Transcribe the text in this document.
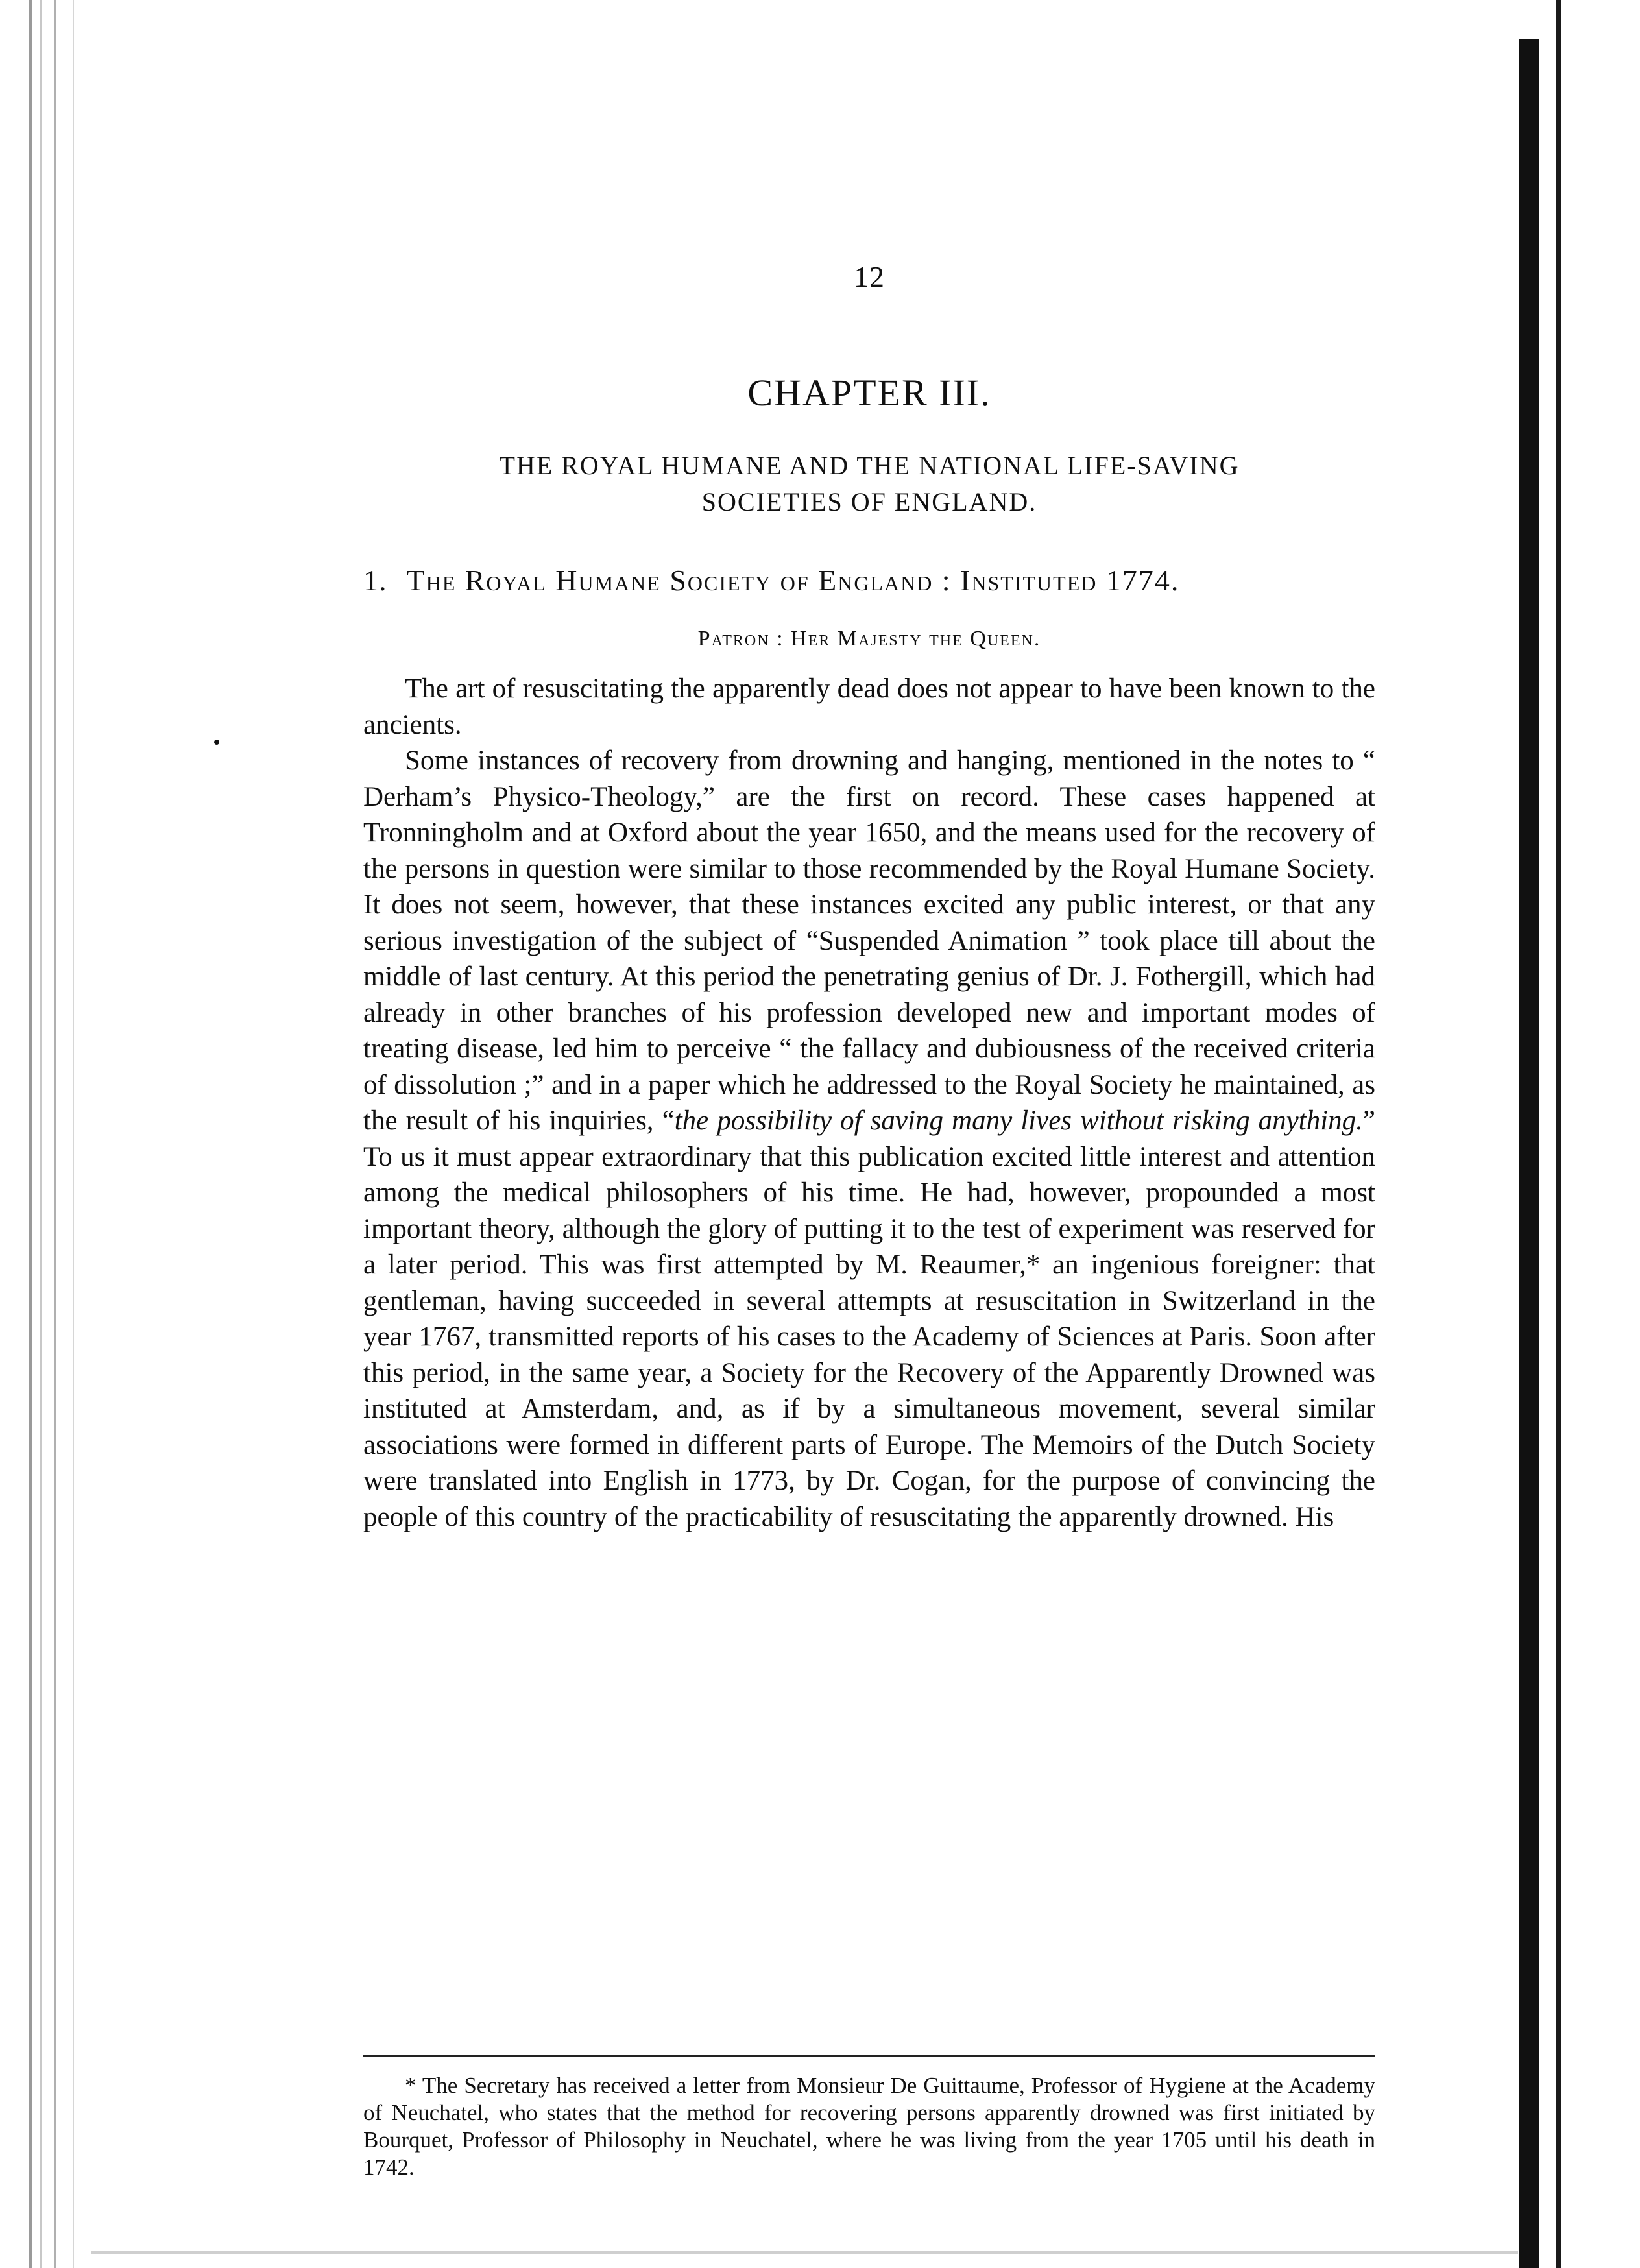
12
CHAPTER III.
THE ROYAL HUMANE AND THE NATIONAL LIFE-SAVING
SOCIETIES OF ENGLAND.
1. The Royal Humane Society of England : Instituted 1774.
Patron : Her Majesty the Queen.

The art of resuscitating the apparently dead does not appear to have been known to the ancients.

Some instances of recovery from drowning and hanging, mentioned in the notes to “ Derham’s Physico-Theology,” are the first on record. These cases happened at Tronningholm and at Oxford about the year 1650, and the means used for the recovery of the persons in question were similar to those recommended by the Royal Humane Society. It does not seem, however, that these instances excited any public interest, or that any serious investigation of the subject of “Suspended Animation ” took place till about the middle of last century. At this period the penetrating genius of Dr. J. Fothergill, which had already in other branches of his profession developed new and important modes of treating disease, led him to perceive “ the fallacy and dubiousness of the received criteria of dissolution ;” and in a paper which he addressed to the Royal Society he maintained, as the result of his inquiries, “the possibility of saving many lives without risking anything.” To us it must appear extraordinary that this publication excited little interest and attention among the medical philosophers of his time. He had, however, propounded a most important theory, although the glory of putting it to the test of experiment was reserved for a later period. This was first attempted by M. Reaumer,* an ingenious foreigner: that gentleman, having succeeded in several attempts at resuscitation in Switzerland in the year 1767, transmitted reports of his cases to the Academy of Sciences at Paris. Soon after this period, in the same year, a Society for the Recovery of the Apparently Drowned was instituted at Amsterdam, and, as if by a simultaneous movement, several similar associations were formed in different parts of Europe. The Memoirs of the Dutch Society were translated into English in 1773, by Dr. Cogan, for the purpose of convincing the people of this country of the practicability of resuscitating the apparently drowned. His

* The Secretary has received a letter from Monsieur De Guittaume, Professor of Hygiene at the Academy of Neuchatel, who states that the method for recovering persons apparently drowned was first initiated by Bourquet, Professor of Philosophy in Neuchatel, where he was living from the year 1705 until his death in 1742.
